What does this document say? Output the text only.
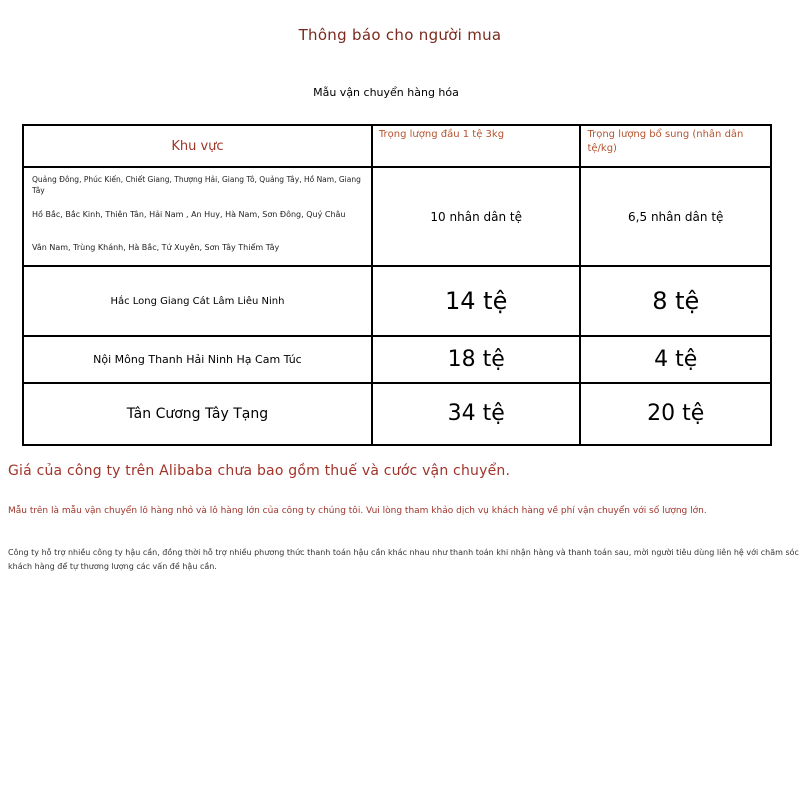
Thông báo cho người mua
Mẫu vận chuyển hàng hóa
Khu vực	Trọng lượng đầu 1 tệ 3kg	Trọng lượng bổ sung (nhân dân tệ/kg)

Quảng Đông, Phúc Kiến, Chiết Giang, Thượng Hải, Giang Tô, Quảng Tây, Hồ Nam, Giang Tây
Hồ Bắc, Bắc Kinh, Thiên Tân, Hải Nam , An Huy, Hà Nam, Sơn Đông, Quý Châu
Vân Nam, Trùng Khánh, Hà Bắc, Tứ Xuyên, Sơn Tây Thiểm Tây	10 nhân dân tệ	6,5 nhân dân tệ
Hắc Long Giang Cát Lâm Liêu Ninh	14 tệ	8 tệ
Nội Mông Thanh Hải Ninh Hạ Cam Túc	18 tệ	4 tệ
Tân Cương Tây Tạng	34 tệ	20 tệ
Giá của công ty trên Alibaba chưa bao gồm thuế và cước vận chuyển.
Mẫu trên là mẫu vận chuyển lô hàng nhỏ và lô hàng lớn của công ty chúng tôi. Vui lòng tham khảo dịch vụ khách hàng về phí vận chuyển với số lượng lớn.
Công ty hỗ trợ nhiều công ty hậu cần, đồng thời hỗ trợ nhiều phương thức thanh toán hậu cần khác nhau như thanh toán khi nhận hàng và thanh toán sau, mời người tiêu dùng liên hệ với chăm sóc khách hàng để tự thương lượng các vấn đề hậu cần.
